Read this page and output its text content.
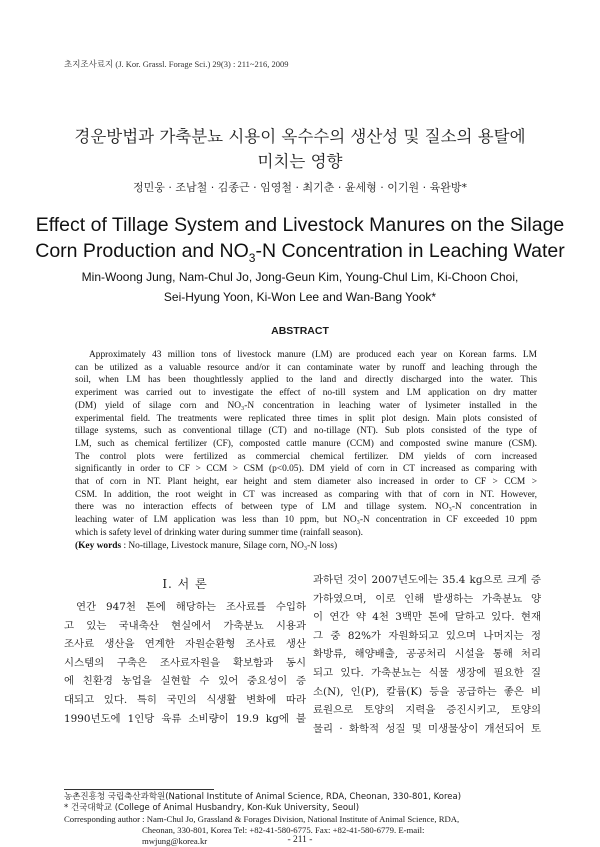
초지조사료지 (J. Kor. Grassl. Forage Sci.) 29(3) : 211~216, 2009
경운방법과 가축분뇨 시용이 옥수수의 생산성 및 질소의 용탈에
미치는 영향
정민웅 · 조남철 · 김종근 · 임영철 · 최기춘 · 윤세형 · 이기원 · 육완방*
Effect of Tillage System and Livestock Manures on the Silage
Corn Production and $NO_3-N$ Concentration in Leaching Water
Min-Woong Jung, Nam-Chul Jo, Jong-Geun Kim, Young-Chul Lim, Ki-Choon Choi,
Sei-Hyung Yoon, Ki-Won Lee and Wan-Bang Yook*
ABSTRACT
Approximately 43 million tons of livestock manure (LM) are produced each year on Korean farms. LM
can be utilized as a valuable resource and/or it can contaminate water by runoff and leaching through the
soil, when LM has been thoughtlessly applied to the land and directly discharged into the water. This
experiment was carried out to investigate the effect of no-till system and LM application on dry matter
(DM) yield of silage corn and NO₃-N concentration in leaching water of lysimeter installed in the
experimental field. The treatments were replicated three times in split plot design. Main plots consisted of
tillage systems, such as conventional tillage (CT) and no-tillage (NT). Sub plots consisted of the type of
LM, such as chemical fertilizer (CF), composted cattle manure (CCM) and composted swine manure (CSM).
The control plots were fertilized as commercial chemical fertilizer. DM yields of corn increased
significantly in order to CF > CCM > CSM (p<0.05). DM yield of corn in CT increased as comparing with
that of corn in NT. Plant height, ear height and stem diameter also increased in order to CF > CCM >
CSM. In addition, the root weight in CT was increased as comparing with that of corn in NT. However,
there was no interaction effects of between type of LM and tillage system. NO₃-N concentration in
leaching water of LM application was less than 10 ppm, but NO₃-N concentration in CF exceeded 10 ppm
which is safety level of drinking water during summer time (rainfall season).
(Key words : No-tillage, Livestock manure, Silage corn, NO₃-N loss)
Ⅰ. 서 론
연간 947천 톤에 해당하는 조사료를 수입하
고 있는 국내축산 현실에서 가축분뇨 시용과
조사료 생산을 연계한 자원순환형 조사료 생산
시스템의 구축은 조사료자원을 확보함과 동시
에 친환경 농업을 실현할 수 있어 중요성이 증
대되고 있다. 특히 국민의 식생활 변화에 따라
1990년도에 1인당 육류 소비량이 19.9 kg에 불
과하던 것이 2007년도에는 35.4 kg으로 크게 증
가하였으며, 이로 인해 발생하는 가축분뇨 양
이 연간 약 4천 3백만 톤에 달하고 있다. 현재
그 중 82%가 자원화되고 있으며 나머지는 정
화방류, 해양배출, 공공처리 시설을 통해 처리
되고 있다. 가축분뇨는 식물 생장에 필요한 질
소(N), 인(P), 칼륨(K) 등을 공급하는 좋은 비
료원으로 토양의 지력을 증진시키고, 토양의
물리 · 화학적 성질 및 미생물상이 개선되어 토
농촌진흥청 국립축산과학원(National Institute of Animal Science, RDA, Cheonan, 330-801, Korea)
* 건국대학교 (College of Animal Husbandry, Kon-Kuk University, Seoul)
Corresponding author : Nam-Chul Jo, Grassland & Forages Division, National Institute of Animal Science, RDA,
Cheonan, 330-801, Korea Tel: +82-41-580-6775. Fax: +82-41-580-6779. E-mail:
mwjung@korea.kr	- 211 -
